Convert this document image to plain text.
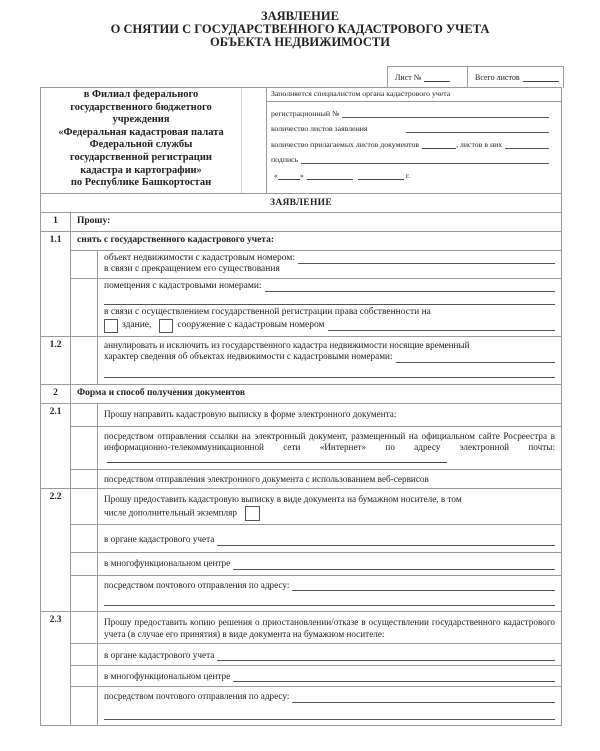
ЗАЯВЛЕНИЕ
О СНЯТИИ С ГОСУДАРСТВЕННОГО КАДАСТРОВОГО УЧЕТА
ОБЪЕКТА НЕДВИЖИМОСТИ
Лист №	Всего листов
в Филиал федерального
государственного бюджетного
учреждения
«Федеральная кадастровая палата
Федеральной службы
государственной регистрации
кадастра и картографии»
по Республике Башкортостан
Заполняется специалистом органа кадастрового учета
регистрационный №
количество листов заявления
количество прилагаемых листов документов	, листов в них
подпись
«	»	г.
ЗАЯВЛЕНИЕ
1	Прошу:
1.1	снять с государственного кадастрового учета:
объект недвижимости с кадастровым номером:
в связи с прекращением его существования
помещения с кадастровыми номерами:
в связи с осуществлением государственной регистрации права собственности на
здание,	сооружение с кадастровым номером
1.2	аннулировать и исключить из государственного кадастра недвижимости носящие временный
характер сведения об объектах недвижимости с кадастровыми номерами:
2	Форма и способ получения документов
2.1	Прошу направить кадастровую выписку в форме электронного документа:
посредством отправления ссылки на электронный документ, размещенный на официальном сайте Росреестра в информационно-телекоммуникационной сети «Интернет» по адресу электронной почты:
посредством отправления электронного документа с использованием веб-сервисов
2.2	Прошу предоставить кадастровую выписку в виде документа на бумажном носителе, в том
числе дополнительный экземпляр
в органе кадастрового учета
в многофункциональном центре
посредством почтового отправления по адресу:
2.3	Прошу предоставить копию решения о приостановлении/отказе в осуществлении государственного кадастрового учета (в случае его принятия) в виде документа на бумажном носителе:
в органе кадастрового учета
в многофункциональном центре
посредством почтового отправления по адресу:
